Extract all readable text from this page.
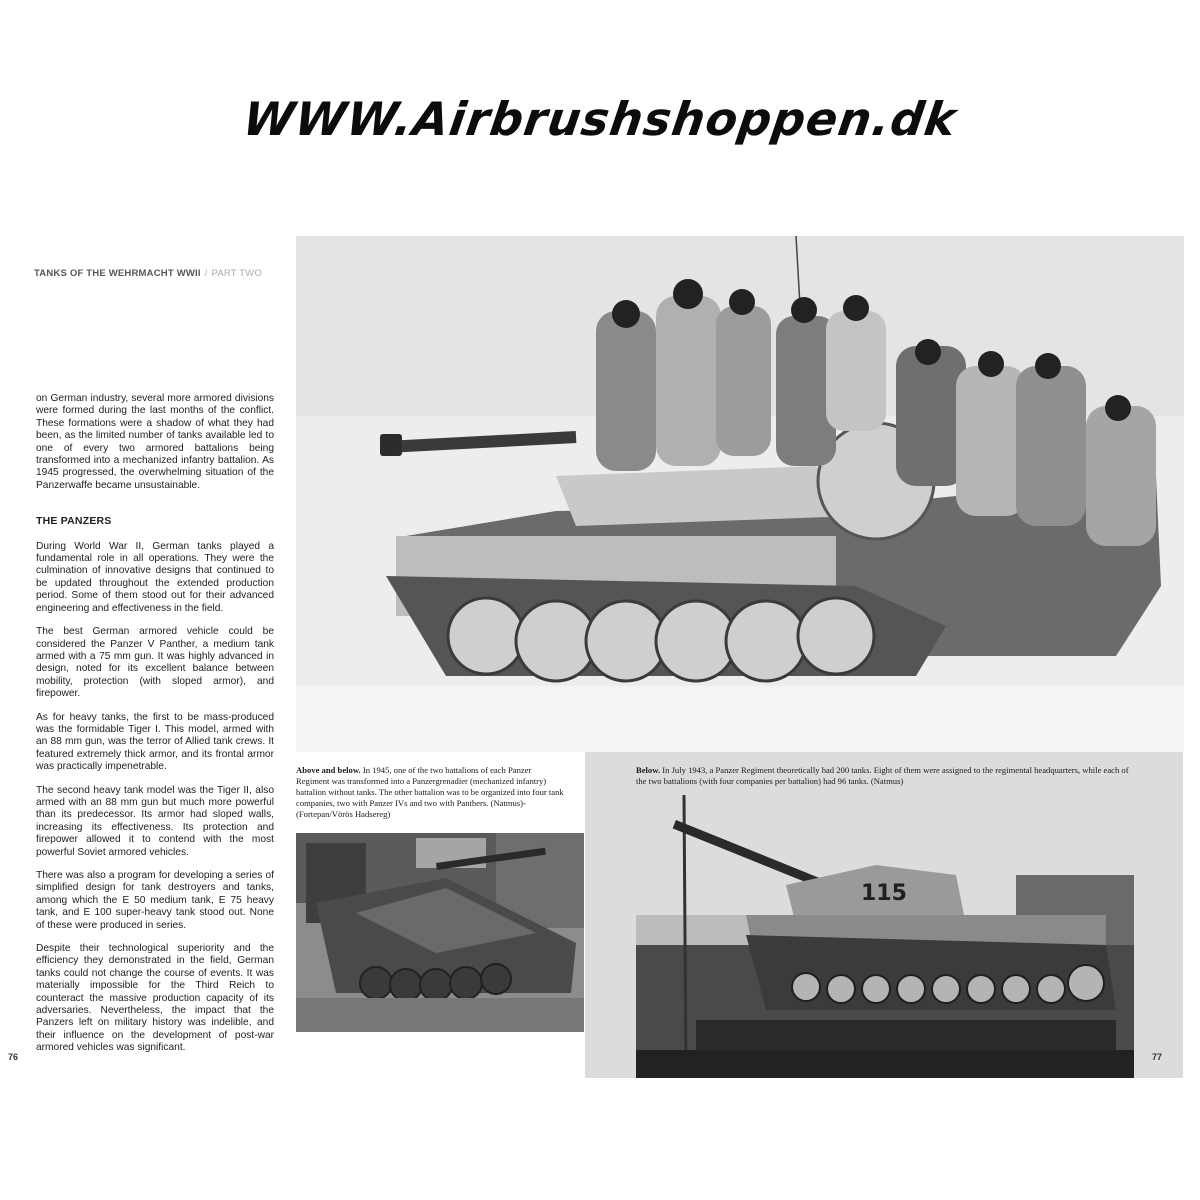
WWW.Airbrushshoppen.dk
TANKS OF THE WEHRMACHT WWII / PART TWO

on German industry, several more armored divisions were formed during the last months of the conflict. These formations were a shadow of what they had been, as the limited number of tanks available led to one of every two armored battalions being transformed into a mechanized infantry battalion. As 1945 progressed, the overwhelming situation of the Panzerwaffe became unsustainable.

THE PANZERS

During World War II, German tanks played a fundamental role in all operations. They were the culmination of innovative designs that continued to be updated throughout the extended production period. Some of them stood out for their advanced engineering and effectiveness in the field.

The best German armored vehicle could be considered the Panzer V Panther, a medium tank armed with a 75 mm gun. It was highly advanced in design, noted for its excellent balance between mobility, protection (with sloped armor), and firepower.

As for heavy tanks, the first to be mass-produced was the formidable Tiger I. This model, armed with an 88 mm gun, was the terror of Allied tank crews. It featured extremely thick armor, and its frontal armor was practically impenetrable.

The second heavy tank model was the Tiger II, also armed with an 88 mm gun but much more powerful than its predecessor. Its armor had sloped walls, increasing its effectiveness. Its protection and firepower allowed it to contend with the most powerful Soviet armored vehicles.

There was also a program for developing a series of simplified design for tank destroyers and tanks, among which the E 50 medium tank, E 75 heavy tank, and E 100 super-heavy tank stood out. None of these were produced in series.

Despite their technological superiority and the efficiency they demonstrated in the field, German tanks could not change the course of events. It was materially impossible for the Third Reich to counteract the massive production capacity of its adversaries. Nevertheless, the impact that the Panzers left on military history was indelible, and their influence on the development of post-war armored vehicles was significant.

Above and below. In 1945, one of the two battalions of each Panzer Regiment was transformed into a Panzergrenadier (mechanized infantry) battalion without tanks. The other battalion was to be organized into four tank companies, two with Panzer IVs and two with Panthers. (Natmus)-(Fortepan/Vörös Hadsereg)
Below. In July 1943, a Panzer Regiment theoretically had 200 tanks. Eight of them were assigned to the regimental headquarters, while each of the two battalions (with four companies per battalion) had 96 tanks. (Natmus)
115
76	77
